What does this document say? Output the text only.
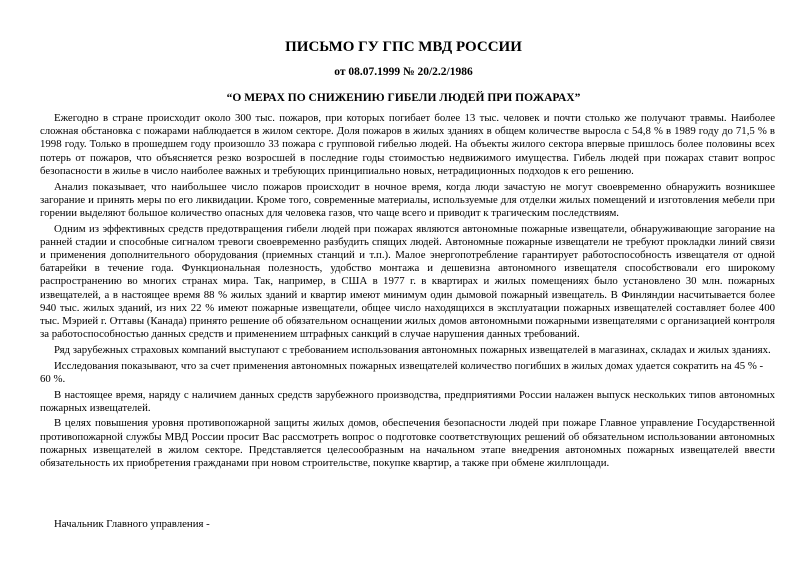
ПИСЬМО ГУ ГПС МВД РОССИИ
от 08.07.1999 № 20/2.2/1986
“О МЕРАХ ПО СНИЖЕНИЮ ГИБЕЛИ ЛЮДЕЙ ПРИ ПОЖАРАХ”

Ежегодно в стране происходит около 300 тыс. пожаров, при которых погибает более 13 тыс. человек и почти столько же получают травмы. Наиболее сложная обстановка с пожарами наблюдается в жилом секторе. Доля пожаров в жилых зданиях в общем количестве выросла с 54,8 % в 1989 году до 71,5 % в 1998 году. Только в прошедшем году произошло 33 пожара с групповой гибелью людей. На объекты жилого сектора впервые пришлось более половины всех потерь от пожаров, что объясняется резко возросшей в последние годы стоимостью недвижимого имущества. Гибель людей при пожарах ставит вопрос безопасности в жилье в число наиболее важных и требующих принципиально новых, нетрадиционных подходов к его решению.

Анализ показывает, что наибольшее число пожаров происходит в ночное время, когда люди зачастую не могут своевременно обнаружить возникшее загорание и принять меры по его ликвидации. Кроме того, современные материалы, используемые для отделки жилых помещений и изготовления мебели при горении выделяют большое количество опасных для человека газов, что чаще всего и приводит к трагическим последствиям.

Одним из эффективных средств предотвращения гибели людей при пожарах являются автономные пожарные извещатели, обнаруживающие загорание на ранней стадии и способные сигналом тревоги своевременно разбудить спящих людей. Автономные пожарные извещатели не требуют прокладки линий связи и применения дополнительного оборудования (приемных станций и т.п.). Малое энергопотребление гарантирует работоспособность извещателя от одной батарейки в течение года. Функциональная полезность, удобство монтажа и дешевизна автономного извещателя способствовали его широкому распространению во многих странах мира. Так, например, в США в 1977 г. в квартирах и жилых помещениях было установлено 30 млн. пожарных извещателей, а в настоящее время 88 % жилых зданий и квартир имеют минимум один дымовой пожарный извещатель. В Финляндии насчитывается более 940 тыс. жилых зданий, из них 22 % имеют пожарные извещатели, общее число находящихся в эксплуатации пожарных извещателей составляет более 400 тыс. Мэрией г. Оттавы (Канада) принято решение об обязательном оснащении жилых домов автономными пожарными извещателями с организацией контроля за работоспособностью данных средств и применением штрафных санкций в случае нарушения данных требований.

Ряд зарубежных страховых компаний выступают с требованием использования автономных пожарных извещателей в магазинах, складах и жилых зданиях.

Исследования показывают, что за счет применения автономных пожарных извещателей количество погибших в жилых домах удается сократить на 45 % - 60 %.

В настоящее время, наряду с наличием данных средств зарубежного производства, предприятиями России налажен выпуск нескольких типов автономных пожарных извещателей.

В целях повышения уровня противопожарной защиты жилых домов, обеспечения безопасности людей при пожаре Главное управление Государственной противопожарной службы МВД России просит Вас рассмотреть вопрос о подготовке соответствующих решений об обязательном использовании автономных пожарных извещателей в жилом секторе. Представляется целесообразным на начальном этапе внедрения автономных пожарных извещателей ввести обязательность их приобретения гражданами при новом строительстве, покупке квартир, а также при обмене жилплощади.

Начальник Главного управления -
